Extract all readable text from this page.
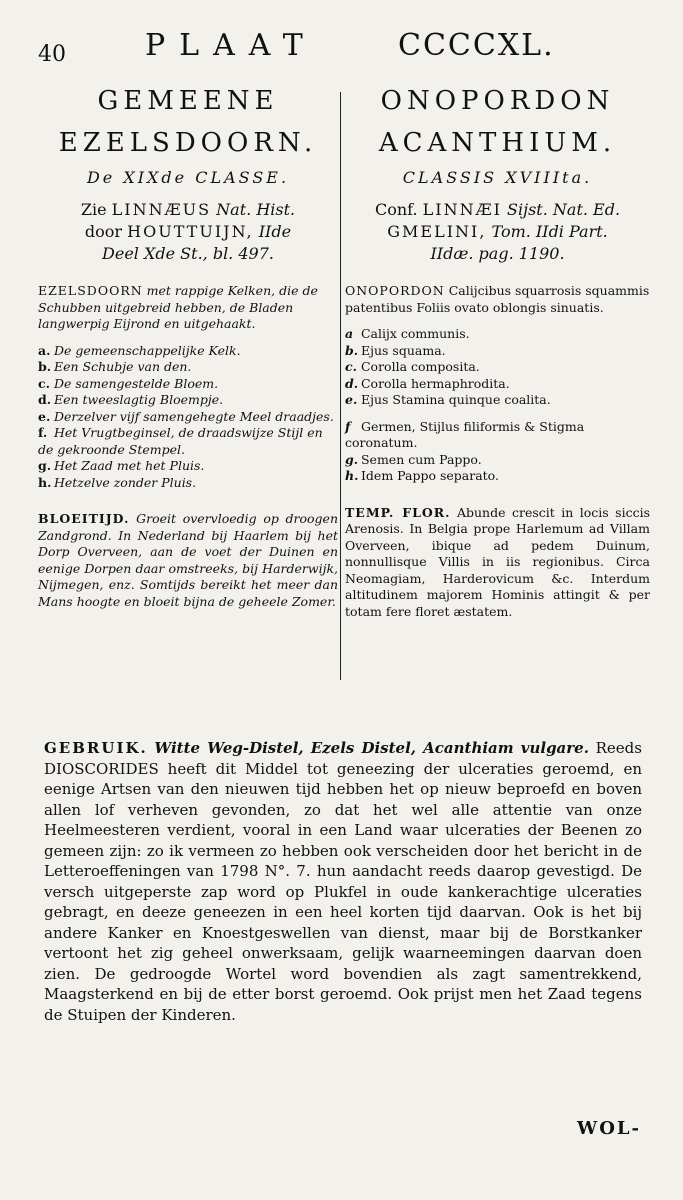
40	PLAAT	CCCCXL.
GEMEENE
EZELSDOORN.
De XIXde CLASSE.
Zie LINNÆUS Nat. Hist.
door HOUTTUIJN, IIde
Deel Xde St., bl. 497.
EZELSDOORN met rappige Kelken, die de Schubben uitgebreid hebben, de Bladen langwerpig Eijrond en uitgehaakt.
a. De gemeenschappelijke Kelk.
b. Een Schubje van den.
c. De samengestelde Bloem.
d. Een tweeslagtig Bloempje.
e. Derzelver vijf samengehegte Meel draadjes.
f. Het Vrugtbeginsel, de draadswijze Stijl en de gekroonde Stempel.
g. Het Zaad met het Pluis.
h. Hetzelve zonder Pluis.
BLOEITIJD. Groeit overvloedig op droogen Zandgrond. In Nederland bij Haarlem bij het Dorp Overveen, aan de voet der Duinen en eenige Dorpen daar omstreeks, bij Harderwijk, Nijmegen, enz. Somtijds bereikt het meer dan Mans hoogte en bloeit bijna de geheele Zomer.
ONOPORDON
ACANTHIUM.
CLASSIS XVIIIta.
Conf. LINNÆI Sijst. Nat. Ed.
GMELINI, Tom. IIdi Part.
IIdæ. pag. 1190.
ONOPORDON Calijcibus squarrosis squammis patentibus Foliis ovato oblongis sinuatis.
a Calijx communis.
b. Ejus squama.
c. Corolla composita.
d. Corolla hermaphrodita.
e. Ejus Stamina quinque coalita.
f Germen, Stijlus filiformis & Stigma coronatum.
g. Semen cum Pappo.
h. Idem Pappo separato.
TEMP. FLOR. Abunde crescit in locis siccis Arenosis. In Belgia prope Harlemum ad Villam Overveen, ibique ad pedem Duinum, nonnullisque Villis in iis regionibus. Circa Neomagiam, Harderovicum &c. Interdum altitudinem majorem Hominis attingit & per totam fere floret æstatem.
GEBRUIK. Witte Weg-Distel, Ezels Distel, Acanthiam vulgare. Reeds DIOSCORIDES heeft dit Middel tot geneezing der ulceraties geroemd, en eenige Artsen van den nieuwen tijd hebben het op nieuw beproefd en boven allen lof verheven gevonden, zo dat het wel alle attentie van onze Heelmeesteren verdient, vooral in een Land waar ulceraties der Beenen zo gemeen zijn: zo ik vermeen zo hebben ook verscheiden door het bericht in de Letteroeffeningen van 1798 N°. 7. hun aandacht reeds daarop gevestigd. De versch uitgeperste zap word op Plukfel in oude kankerachtige ulceraties gebragt, en deeze geneezen in een heel korten tijd daarvan. Ook is het bij andere Kanker en Knoestgeswellen van dienst, maar bij de Borstkanker vertoont het zig geheel onwerksaam, gelijk waarneemingen daarvan doen zien. De gedroogde Wortel word bovendien als zagt samentrekkend, Maagsterkend en bij de etter borst geroemd. Ook prijst men het Zaad tegens de Stuipen der Kinderen.
WOL-
